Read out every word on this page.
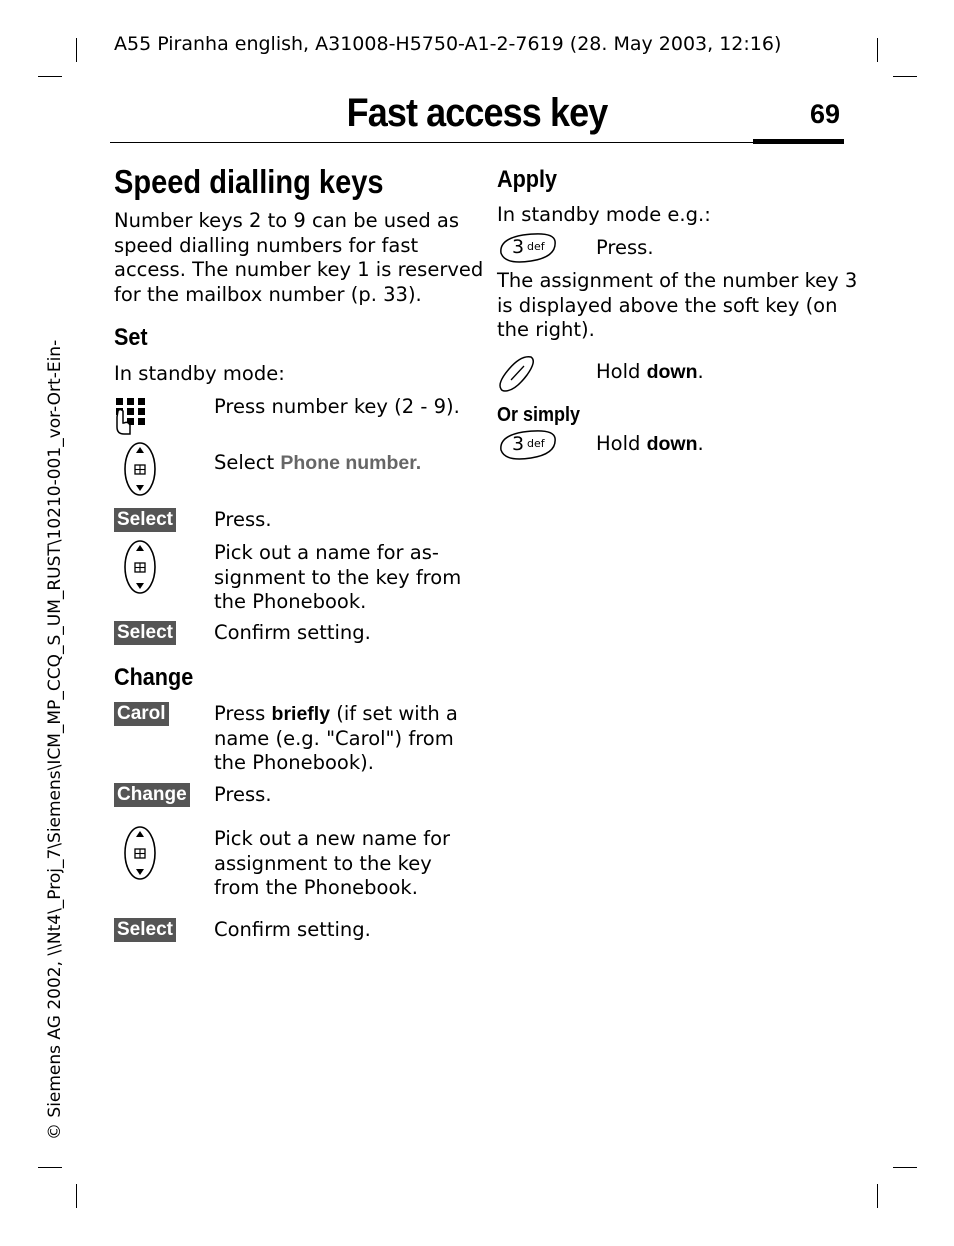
A55 Piranha english, A31008-H5750-A1-2-7619 (28. May 2003, 12:16)
Fast access key	69
© Siemens AG 2002, \\Nt4\_Proj_7\Siemens\ICM_MP_CCQ_S_UM_RUST\10210-001_vor-Ort-Ein-
Speed dialling keys
Number keys 2 to 9 can be used as
speed dialling numbers for fast
access. The number key 1 is reserved
for the mailbox number (p. 33).
Set
In standby mode:
Press number key (2 - 9).
Select Phone number.
Select Press.
Pick out a name for as-
signment to the key from
the Phonebook.
Select Confirm setting.
Change
Carol Press briefly (if set with a
name (e.g. "Carol") from
the Phonebook).
Change Press.
Pick out a new name for
assignment to the key
from the Phonebook.
Select Confirm setting.
Apply
In standby mode e.g.:
3 def	Press.
The assignment of the number key 3
is displayed above the soft key (on
the right).
Hold down.
Or simply
3 def	Hold down.
